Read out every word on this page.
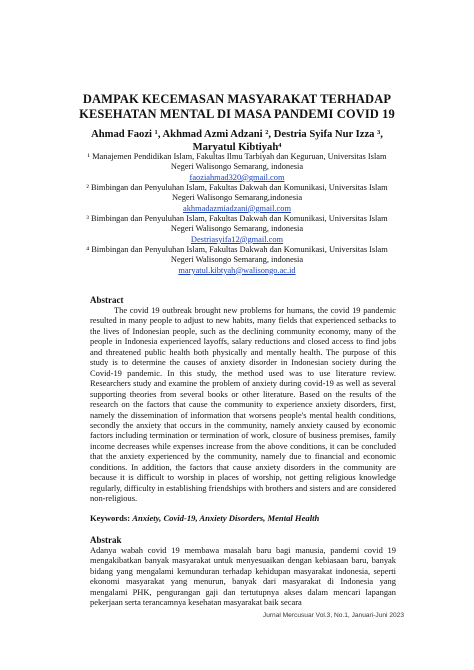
DAMPAK KECEMASAN MASYARAKAT TERHADAP KESEHATAN MENTAL DI MASA PANDEMI COVID 19
Ahmad Faozi ¹, Akhmad Azmi Adzani ², Destria Syifa Nur Izza ³, Maryatul Kibtiyah⁴
¹ Manajemen Pendidikan Islam, Fakultas Ilmu Tarbiyah dan Keguruan, Universitas Islam Negeri Walisongo Semarang, indonesia
faoziahmad320@gmail.com
² Bimbingan dan Penyuluhan Islam, Fakultas Dakwah dan Komunikasi, Universitas Islam Negeri Walisongo Semarang,indonesia
akhmadazmiadzani@gmail.com
³ Bimbingan dan Penyuluhan Islam, Fakultas Dakwah dan Komunikasi, Universitas Islam Negeri Walisongo Semarang, indonesia
Destriasyifa12@gmail.com
⁴ Bimbingan dan Penyuluhan Islam, Fakultas Dakwah dan Komunikasi, Universitas Islam Negeri Walisongo Semarang, indonesia
maryatul.kibtyah@walisongo.ac.id
Abstract

The covid 19 outbreak brought new problems for humans, the covid 19 pandemic resulted in many people to adjust to new habits, many fields that experienced setbacks to the lives of Indonesian people, such as the declining community economy, many of the people in Indonesia experienced layoffs, salary reductions and closed access to find jobs and threatened public health both physically and mentally health. The purpose of this study is to determine the causes of anxiety disorder in Indonesian society during the Covid-19 pandemic. In this study, the method used was to use literature review. Researchers study and examine the problem of anxiety during covid-19 as well as several supporting theories from several books or other literature. Based on the results of the research on the factors that cause the community to experience anxiety disorders, first, namely the dissemination of information that worsens people's mental health conditions, secondly the anxiety that occurs in the community, namely anxiety caused by economic factors including termination or termination of work, closure of business premises, family income decreases while expenses increase from the above conditions, it can be concluded that the anxiety experienced by the community, namely due to financial and economic conditions. In addition, the factors that cause anxiety disorders in the community are because it is difficult to worship in places of worship, not getting religious knowledge regularly, difficulty in establishing friendships with brothers and sisters and are considered non-religious.

Keywords: Anxiety, Covid-19, Anxiety Disorders, Mental Health
Abstrak

Adanya wabah covid 19 membawa masalah baru bagi manusia, pandemi covid 19 mengakibatkan banyak masyarakat untuk menyesuaikan dengan kebiasaan baru, banyak bidang yang mengalami kemunduran terhadap kehidupan masyarakat indonesia, seperti ekonomi masyarakat yang menurun, banyak dari masyarakat di Indonesia yang mengalami PHK, pengurangan gaji dan tertutupnya akses dalam mencari lapangan pekerjaan serta terancamnya kesehatan masyarakat baik secara

Jurnal Mercusuar Vol.3, No.1, Januari-Juni 2023
